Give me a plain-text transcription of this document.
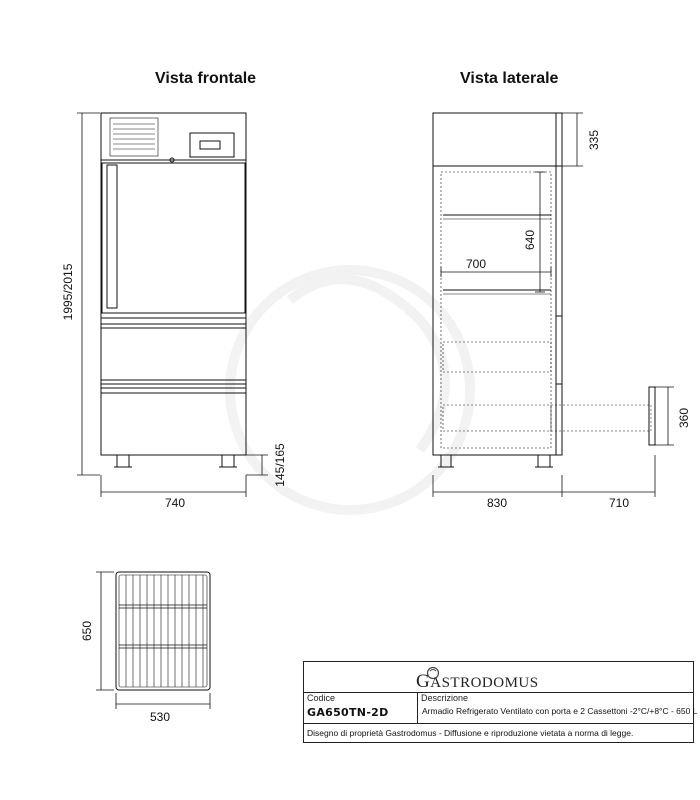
Vista frontale	Vista laterale
1995/2015
740
145/165
640
700
335
360
830	710
650
530
GASTRODOMUS
Codice
GA650TN-2D
Descrizione
Armadio Refrigerato Ventilato con porta e 2 Cassettoni -2°C/+8°C - 650 L
Disegno di proprietà Gastrodomus - Diffusione e riproduzione vietata a norma di legge.
